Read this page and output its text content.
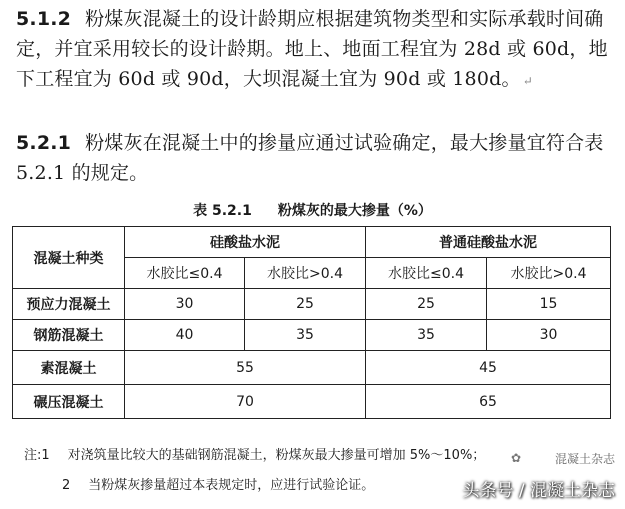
5.1.2 粉煤灰混凝土的设计龄期应根据建筑物类型和实际承载时间确定，并宜采用较长的设计龄期。地上、地面工程宜为 28d 或 60d，地下工程宜为 60d 或 90d，大坝混凝土宜为 90d 或 180d。 ↵
5.2.1 粉煤灰在混凝土中的掺量应通过试验确定，最大掺量宜符合表 5.2.1 的规定。
表 5.2.1 粉煤灰的最大掺量（%）
混凝土种类	硅酸盐水泥		普通硅酸盐水泥	
	水胶比≤0.4	水胶比>0.4	水胶比≤0.4	水胶比>0.4
预应力混凝土	30	25	25	15
钢筋混凝土	40	35	35	30
素混凝土	55		45	
碾压混凝土	70		65	
注:1 对浇筑量比较大的基础钢筋混凝土，粉煤灰最大掺量可增加 5%～10%；
2 当粉煤灰掺量超过本表规定时，应进行试验论证。
✿	混凝土杂志
头条号 / 混凝土杂志
